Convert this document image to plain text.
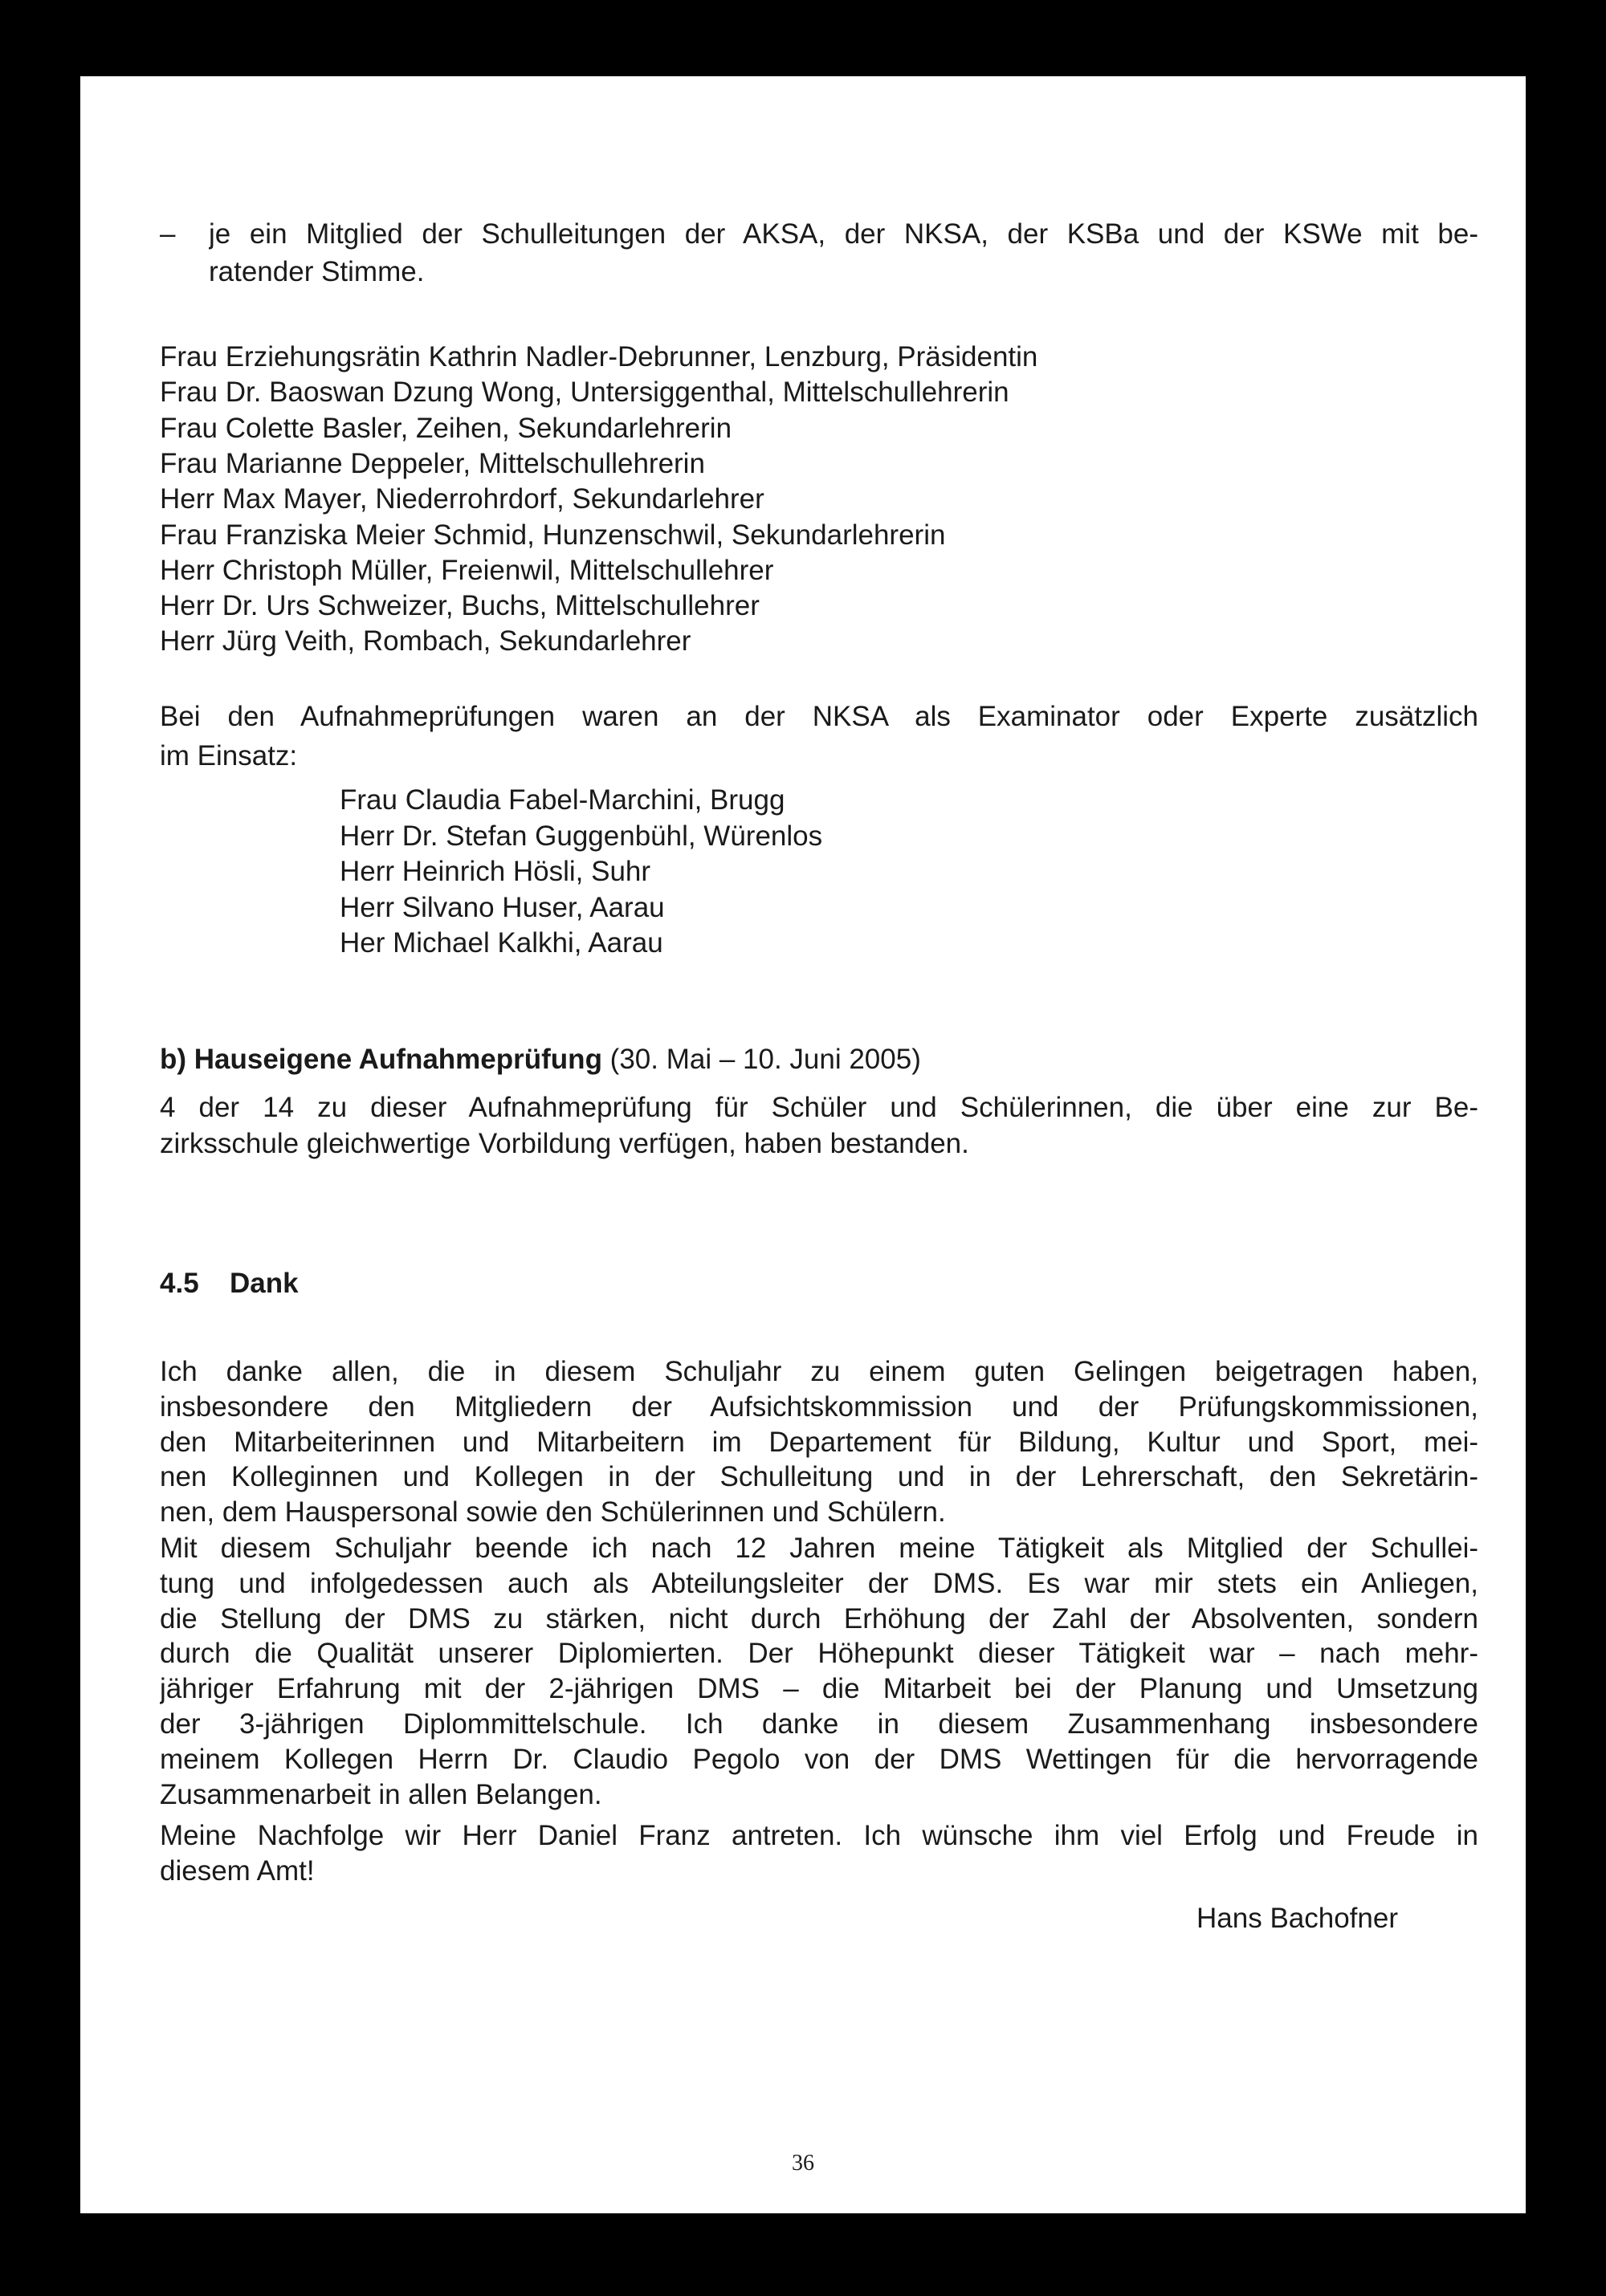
– je ein Mitglied der Schulleitungen der AKSA, der NKSA, der KSBa und der KSWe mit be-
ratender Stimme.
Bei den Aufnahmeprüfungen waren an der NKSA als Examinator oder Experte zusätzlich
im Einsatz:
b) Hauseigene Aufnahmeprüfung (30. Mai – 10. Juni 2005)
4 der 14 zu dieser Aufnahmeprüfung für Schüler und Schülerinnen, die über eine zur Be-
zirksschule gleichwertige Vorbildung verfügen, haben bestanden.
4.5 Dank
Hans Bachofner
36
Frau Erziehungsrätin Kathrin Nadler-Debrunner, Lenzburg, Präsidentin
Frau Dr. Baoswan Dzung Wong, Untersiggenthal, Mittelschullehrerin
Frau Colette Basler, Zeihen, Sekundarlehrerin
Frau Marianne Deppeler, Mittelschullehrerin
Herr Max Mayer, Niederrohrdorf, Sekundarlehrer
Frau Franziska Meier Schmid, Hunzenschwil, Sekundarlehrerin
Herr Christoph Müller, Freienwil, Mittelschullehrer
Herr Dr. Urs Schweizer, Buchs, Mittelschullehrer
Herr Jürg Veith, Rombach, Sekundarlehrer
Frau Claudia Fabel-Marchini, Brugg
Herr Dr. Stefan Guggenbühl, Würenlos
Herr Heinrich Hösli, Suhr
Herr Silvano Huser, Aarau
Her Michael Kalkhi, Aarau
Ich danke allen, die in diesem Schuljahr zu einem guten Gelingen beigetragen haben,
insbesondere den Mitgliedern der Aufsichtskommission und der Prüfungskommissionen,
den Mitarbeiterinnen und Mitarbeitern im Departement für Bildung, Kultur und Sport, mei-
nen Kolleginnen und Kollegen in der Schulleitung und in der Lehrerschaft, den Sekretärin-
nen, dem Hauspersonal sowie den Schülerinnen und Schülern.
Mit diesem Schuljahr beende ich nach 12 Jahren meine Tätigkeit als Mitglied der Schullei-
tung und infolgedessen auch als Abteilungsleiter der DMS. Es war mir stets ein Anliegen,
die Stellung der DMS zu stärken, nicht durch Erhöhung der Zahl der Absolventen, sondern
durch die Qualität unserer Diplomierten. Der Höhepunkt dieser Tätigkeit war – nach mehr-
jähriger Erfahrung mit der 2-jährigen DMS – die Mitarbeit bei der Planung und Umsetzung
der 3-jährigen Diplommittelschule. Ich danke in diesem Zusammenhang insbesondere
meinem Kollegen Herrn Dr. Claudio Pegolo von der DMS Wettingen für die hervorragende
Zusammenarbeit in allen Belangen.
Meine Nachfolge wir Herr Daniel Franz antreten. Ich wünsche ihm viel Erfolg und Freude in
diesem Amt!
